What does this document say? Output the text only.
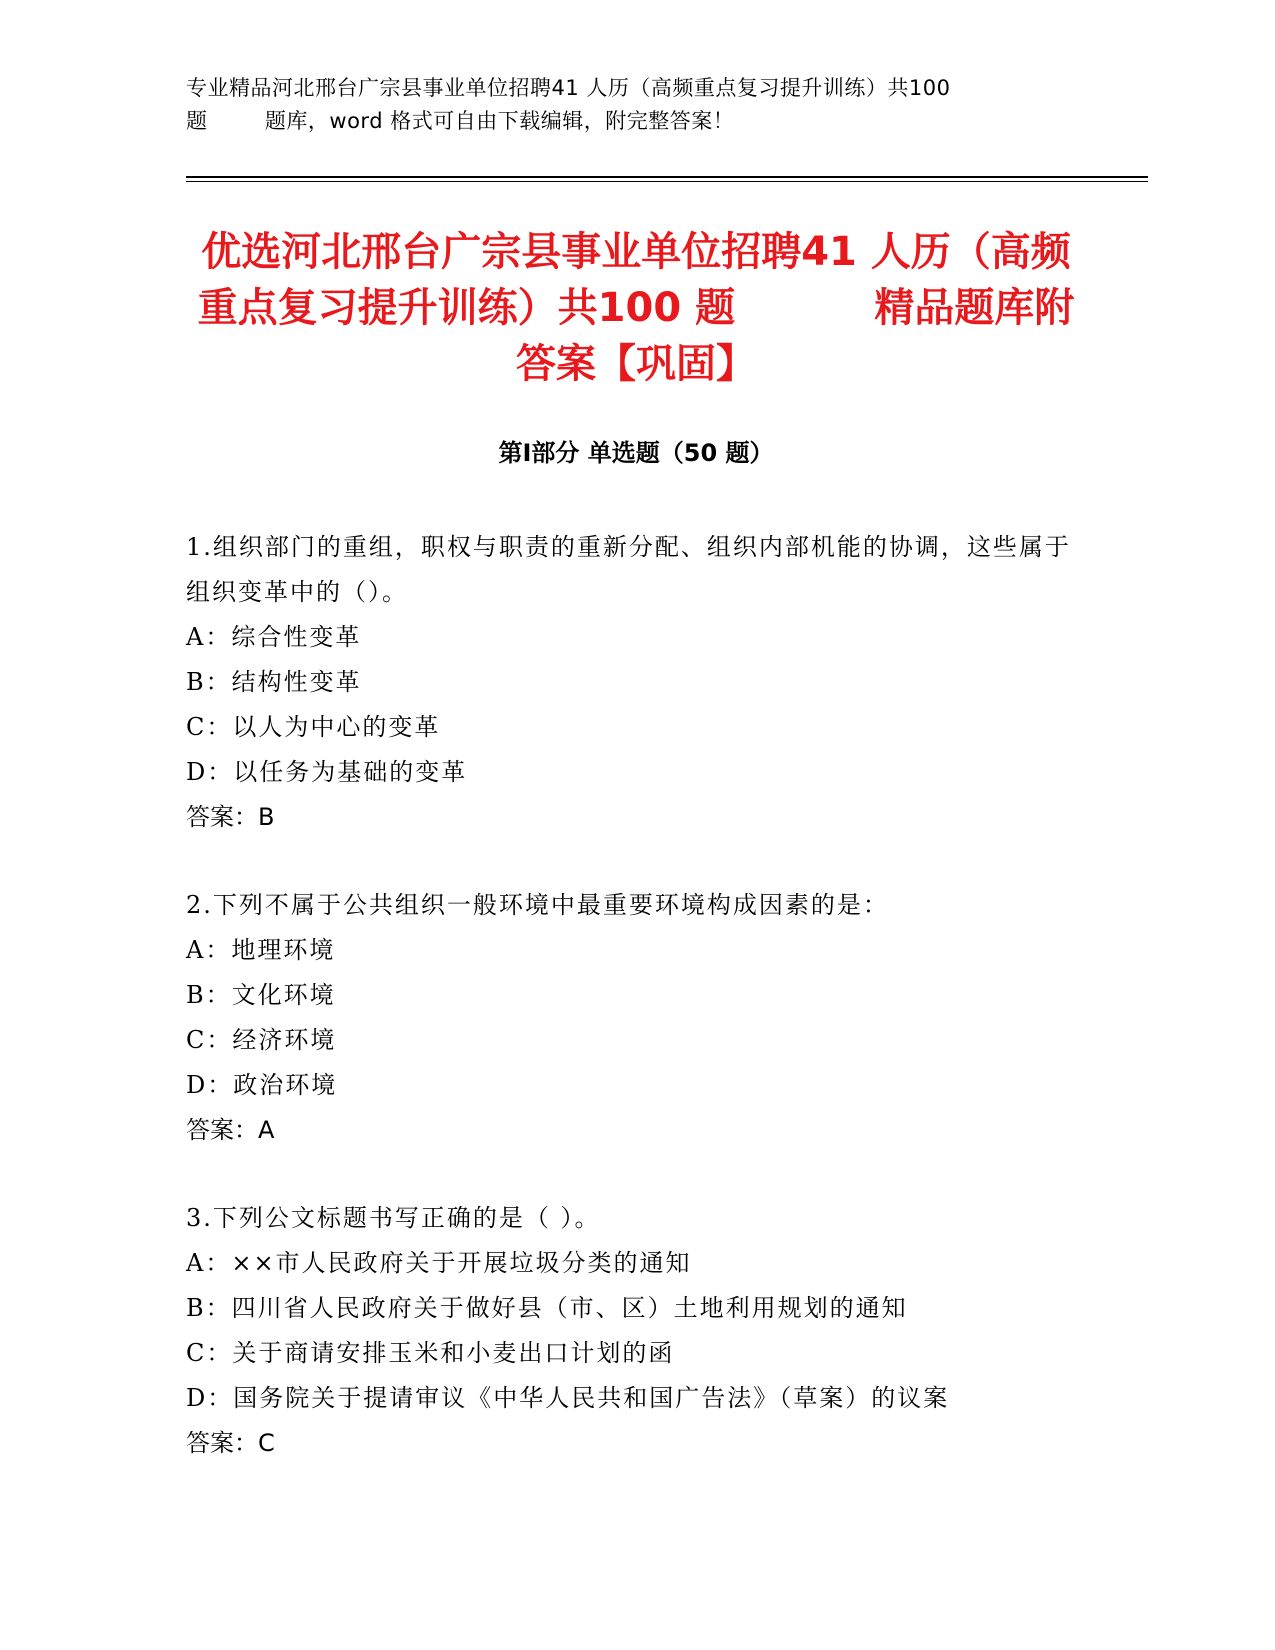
专业精品河北邢台广宗县事业单位招聘41 人历（高频重点复习提升训练）共100
题        题库，word 格式可自由下载编辑，附完整答案！
优选河北邢台广宗县事业单位招聘41 人历（高频重点复习提升训练）共100 题          精品题库附答案【巩固】
第Ⅰ部分 单选题（50 题）
1.组织部门的重组，职权与职责的重新分配、组织内部机能的协调，这些属于组织变革中的（）。
A：综合性变革
B：结构性变革
C：以人为中心的变革
D：以任务为基础的变革
答案：B
2.下列不属于公共组织一般环境中最重要环境构成因素的是：
A：地理环境
B：文化环境
C：经济环境
D：政治环境
答案：A
3.下列公文标题书写正确的是（ ）。
A：××市人民政府关于开展垃圾分类的通知
B：四川省人民政府关于做好县（市、区）土地利用规划的通知
C：关于商请安排玉米和小麦出口计划的函
D：国务院关于提请审议《中华人民共和国广告法》（草案）的议案
答案：C
